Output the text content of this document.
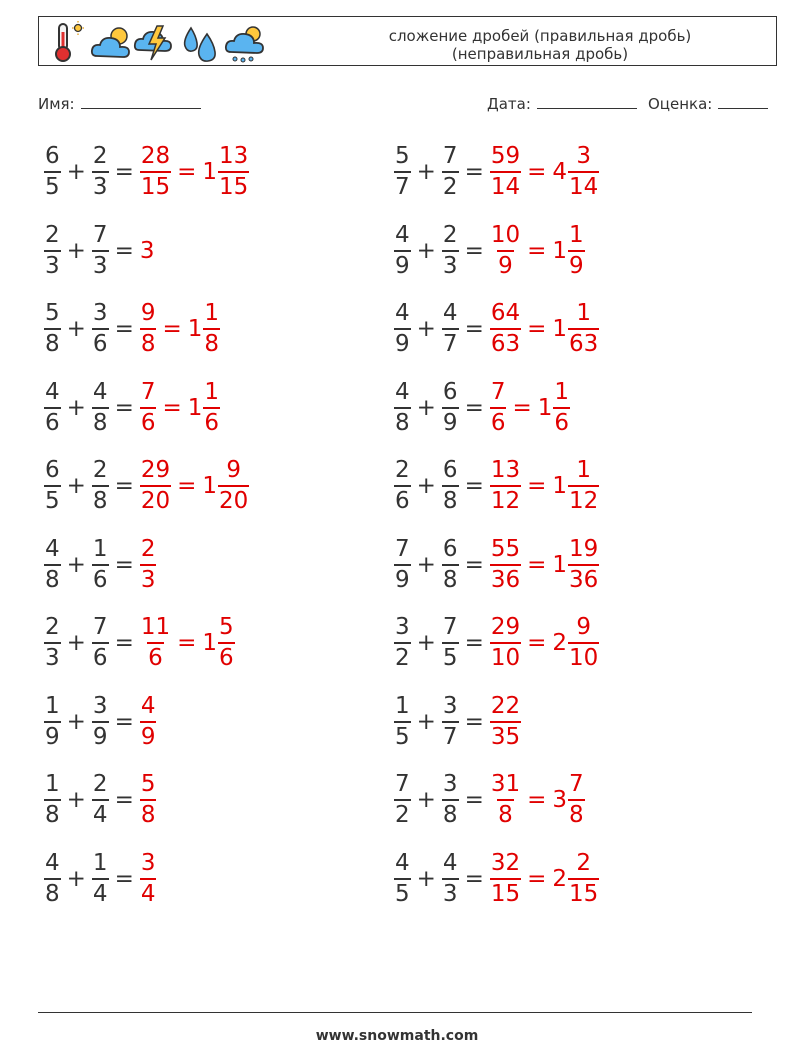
сложение дробей (правильная дробь)
(неправильная дробь)
Имя:	Дата:	Оценка:
$\frac{6}{5} + \frac{2}{3} = \frac{28}{15} = 1 \frac{13}{15}$	$\frac{5}{7} + \frac{7}{2} = \frac{59}{14} = 4 \frac{3}{14}$
$\frac{2}{3} + \frac{7}{3} = 3$	$\frac{4}{9} + \frac{2}{3} = \frac{10}{9} = 1 \frac{1}{9}$
$\frac{5}{8} + \frac{3}{6} = \frac{9}{8} = 1 \frac{1}{8}$	$\frac{4}{9} + \frac{4}{7} = \frac{64}{63} = 1 \frac{1}{63}$
$\frac{4}{6} + \frac{4}{8} = \frac{7}{6} = 1 \frac{1}{6}$	$\frac{4}{8} + \frac{6}{9} = \frac{7}{6} = 1 \frac{1}{6}$
$\frac{6}{5} + \frac{2}{8} = \frac{29}{20} = 1 \frac{9}{20}$	$\frac{2}{6} + \frac{6}{8} = \frac{13}{12} = 1 \frac{1}{12}$
$\frac{4}{8} + \frac{1}{6} = \frac{2}{3}$	$\frac{7}{9} + \frac{6}{8} = \frac{55}{36} = 1 \frac{19}{36}$
$\frac{2}{3} + \frac{7}{6} = \frac{11}{6} = 1 \frac{5}{6}$	$\frac{3}{2} + \frac{7}{5} = \frac{29}{10} = 2 \frac{9}{10}$
$\frac{1}{9} + \frac{3}{9} = \frac{4}{9}$	$\frac{1}{5} + \frac{3}{7} = \frac{22}{35}$
$\frac{1}{8} + \frac{2}{4} = \frac{5}{8}$	$\frac{7}{2} + \frac{3}{8} = \frac{31}{8} = 3 \frac{7}{8}$
$\frac{4}{8} + \frac{1}{4} = \frac{3}{4}$	$\frac{4}{5} + \frac{4}{3} = \frac{32}{15} = 2 \frac{2}{15}$
www.snowmath.com
